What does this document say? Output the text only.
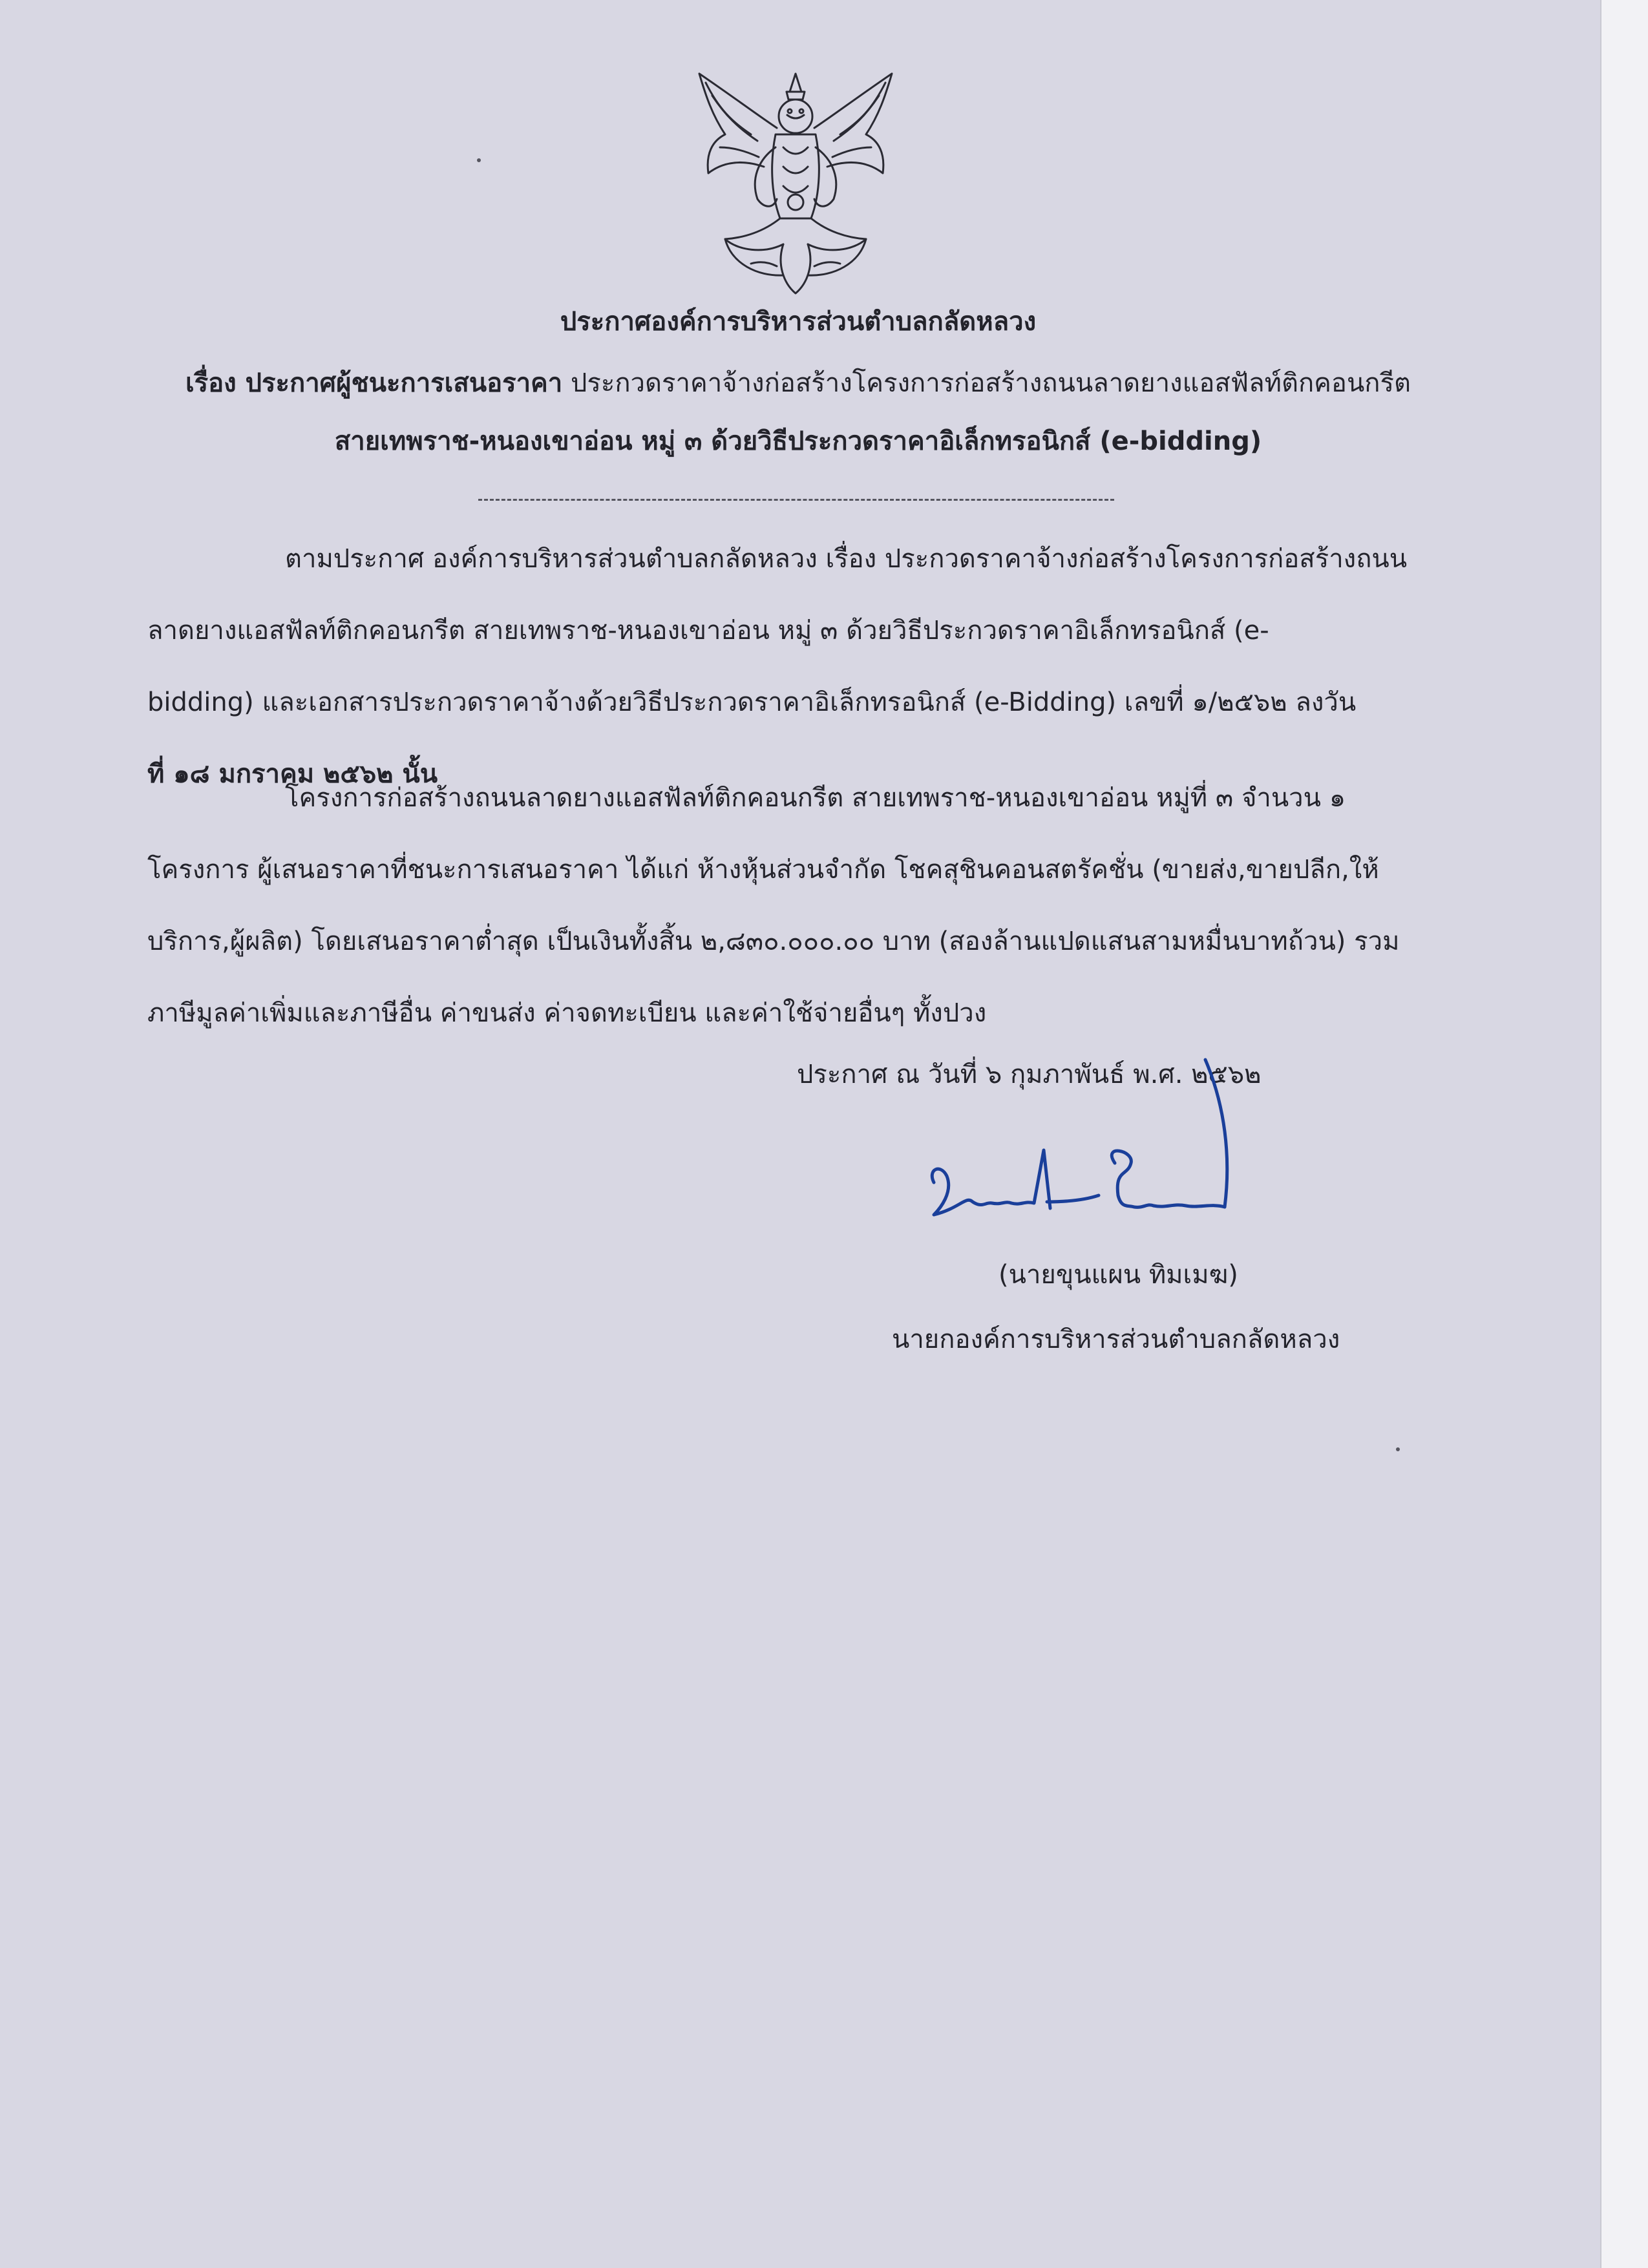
ประกาศองค์การบริหารส่วนตำบลกลัดหลวง
เรื่อง ประกาศผู้ชนะการเสนอราคา ประกวดราคาจ้างก่อสร้างโครงการก่อสร้างถนนลาดยางแอสฟัลท์ติกคอนกรีต
สายเทพราช-หนองเขาอ่อน หมู่ ๓ ด้วยวิธีประกวดราคาอิเล็กทรอนิกส์ (e-bidding)
ตามประกาศ องค์การบริหารส่วนตำบลกลัดหลวง เรื่อง ประกวดราคาจ้างก่อสร้างโครงการก่อสร้างถนน
ลาดยางแอสฟัลท์ติกคอนกรีต สายเทพราช-หนองเขาอ่อน หมู่ ๓ ด้วยวิธีประกวดราคาอิเล็กทรอนิกส์ (e-
bidding) และเอกสารประกวดราคาจ้างด้วยวิธีประกวดราคาอิเล็กทรอนิกส์ (e-Bidding) เลขที่ ๑/๒๕๖๒ ลงวัน
ที่ ๑๘ มกราคม ๒๕๖๒ นั้น
โครงการก่อสร้างถนนลาดยางแอสฟัลท์ติกคอนกรีต สายเทพราช-หนองเขาอ่อน หมู่ที่ ๓ จำนวน ๑
โครงการ ผู้เสนอราคาที่ชนะการเสนอราคา ได้แก่ ห้างหุ้นส่วนจำกัด โชคสุชินคอนสตรัคชั่น (ขายส่ง,ขายปลีก,ให้
บริการ,ผู้ผลิต) โดยเสนอราคาต่ำสุด เป็นเงินทั้งสิ้น ๒,๘๓๐.๐๐๐.๐๐ บาท (สองล้านแปดแสนสามหมื่นบาทถ้วน) รวม
ภาษีมูลค่าเพิ่มและภาษีอื่น ค่าขนส่ง ค่าจดทะเบียน และค่าใช้จ่ายอื่นๆ ทั้งปวง
ประกาศ ณ วันที่ ๖ กุมภาพันธ์ พ.ศ. ๒๕๖๒
(นายขุนแผน ทิมเมฆ)
นายกองค์การบริหารส่วนตำบลกลัดหลวง
